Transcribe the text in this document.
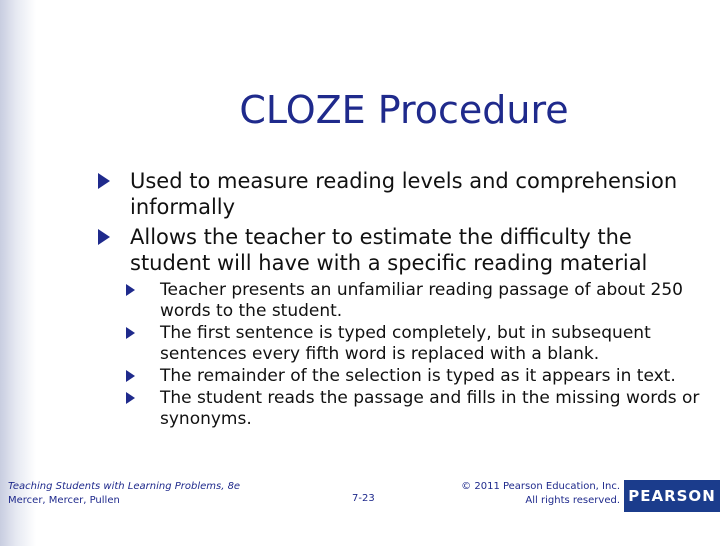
CLOZE Procedure
Used to measure reading levels and comprehension informally
Allows the teacher to estimate the difficulty the student will have with a specific reading material
Teacher presents an unfamiliar reading passage of about 250 words to the student.
The first sentence is typed completely, but in subsequent sentences every fifth word is replaced with a blank.
The remainder of the selection is typed as it appears in text.
The student reads the passage and fills in the missing words or synonyms.
Teaching Students with Learning Problems, 8e
Mercer, Mercer, Pullen	7-23
© 2011 Pearson Education, Inc.
All rights reserved. PEARSON
